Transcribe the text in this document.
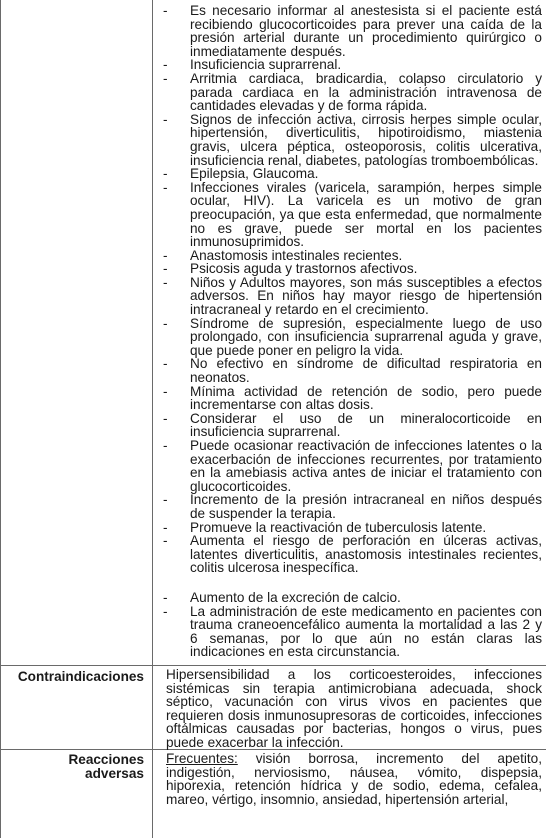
- Es necesario informar al anestesista si el paciente está recibiendo glucocorticoides para prever una caída de la presión arterial durante un procedimiento quirúrgico o inmediatamente después.
- Insuficiencia suprarrenal.
- Arritmia cardiaca, bradicardia, colapso circulatorio y parada cardiaca en la administración intravenosa de cantidades elevadas y de forma rápida.
- Signos de infección activa, cirrosis herpes simple ocular, hipertensión, diverticulitis, hipotiroidismo, miastenia gravis, ulcera péptica, osteoporosis, colitis ulcerativa, insuficiencia renal, diabetes, patologías tromboembólicas.
- Epilepsia, Glaucoma.
- Infecciones virales (varicela, sarampión, herpes simple ocular, HIV). La varicela es un motivo de gran preocupación, ya que esta enfermedad, que normalmente no es grave, puede ser mortal en los pacientes inmunosuprimidos.
- Anastomosis intestinales recientes.
- Psicosis aguda y trastornos afectivos.
- Niños y Adultos mayores, son más susceptibles a efectos adversos. En niños hay mayor riesgo de hipertensión intracraneal y retardo en el crecimiento.
- Síndrome de supresión, especialmente luego de uso prolongado, con insuficiencia suprarrenal aguda y grave, que puede poner en peligro la vida.
- No efectivo en síndrome de dificultad respiratoria en neonatos.
- Mínima actividad de retención de sodio, pero puede incrementarse con altas dosis.
- Considerar el uso de un mineralocorticoide en insuficiencia suprarrenal.
- Puede ocasionar reactivación de infecciones latentes o la exacerbación de infecciones recurrentes, por tratamiento en la amebiasis activa antes de iniciar el tratamiento con glucocorticoides.
- Incremento de la presión intracraneal en niños después de suspender la terapia.
- Promueve la reactivación de tuberculosis latente.
- Aumenta el riesgo de perforación en úlceras activas, latentes diverticulitis, anastomosis intestinales recientes, colitis ulcerosa inespecífica.
- Aumento de la excreción de calcio.
- La administración de este medicamento en pacientes con trauma craneoencefálico aumenta la mortalidad a las 2 y 6 semanas, por lo que aún no están claras las indicaciones en esta circunstancia.
Contraindicaciones Hipersensibilidad a los corticoesteroides, infecciones sistémicas sin terapia antimicrobiana adecuada, shock séptico, vacunación con virus vivos en pacientes que requieren dosis inmunosupresoras de corticoides, infecciones oftálmicas causadas por bacterias, hongos o virus, pues puede exacerbar la infección.
Reacciones
adversas
Frecuentes: visión borrosa, incremento del apetito, indigestión, nerviosismo, náusea, vómito, dispepsia, hiporexia, retención hídrica y de sodio, edema, cefalea, mareo, vértigo, insomnio, ansiedad, hipertensión arterial,
